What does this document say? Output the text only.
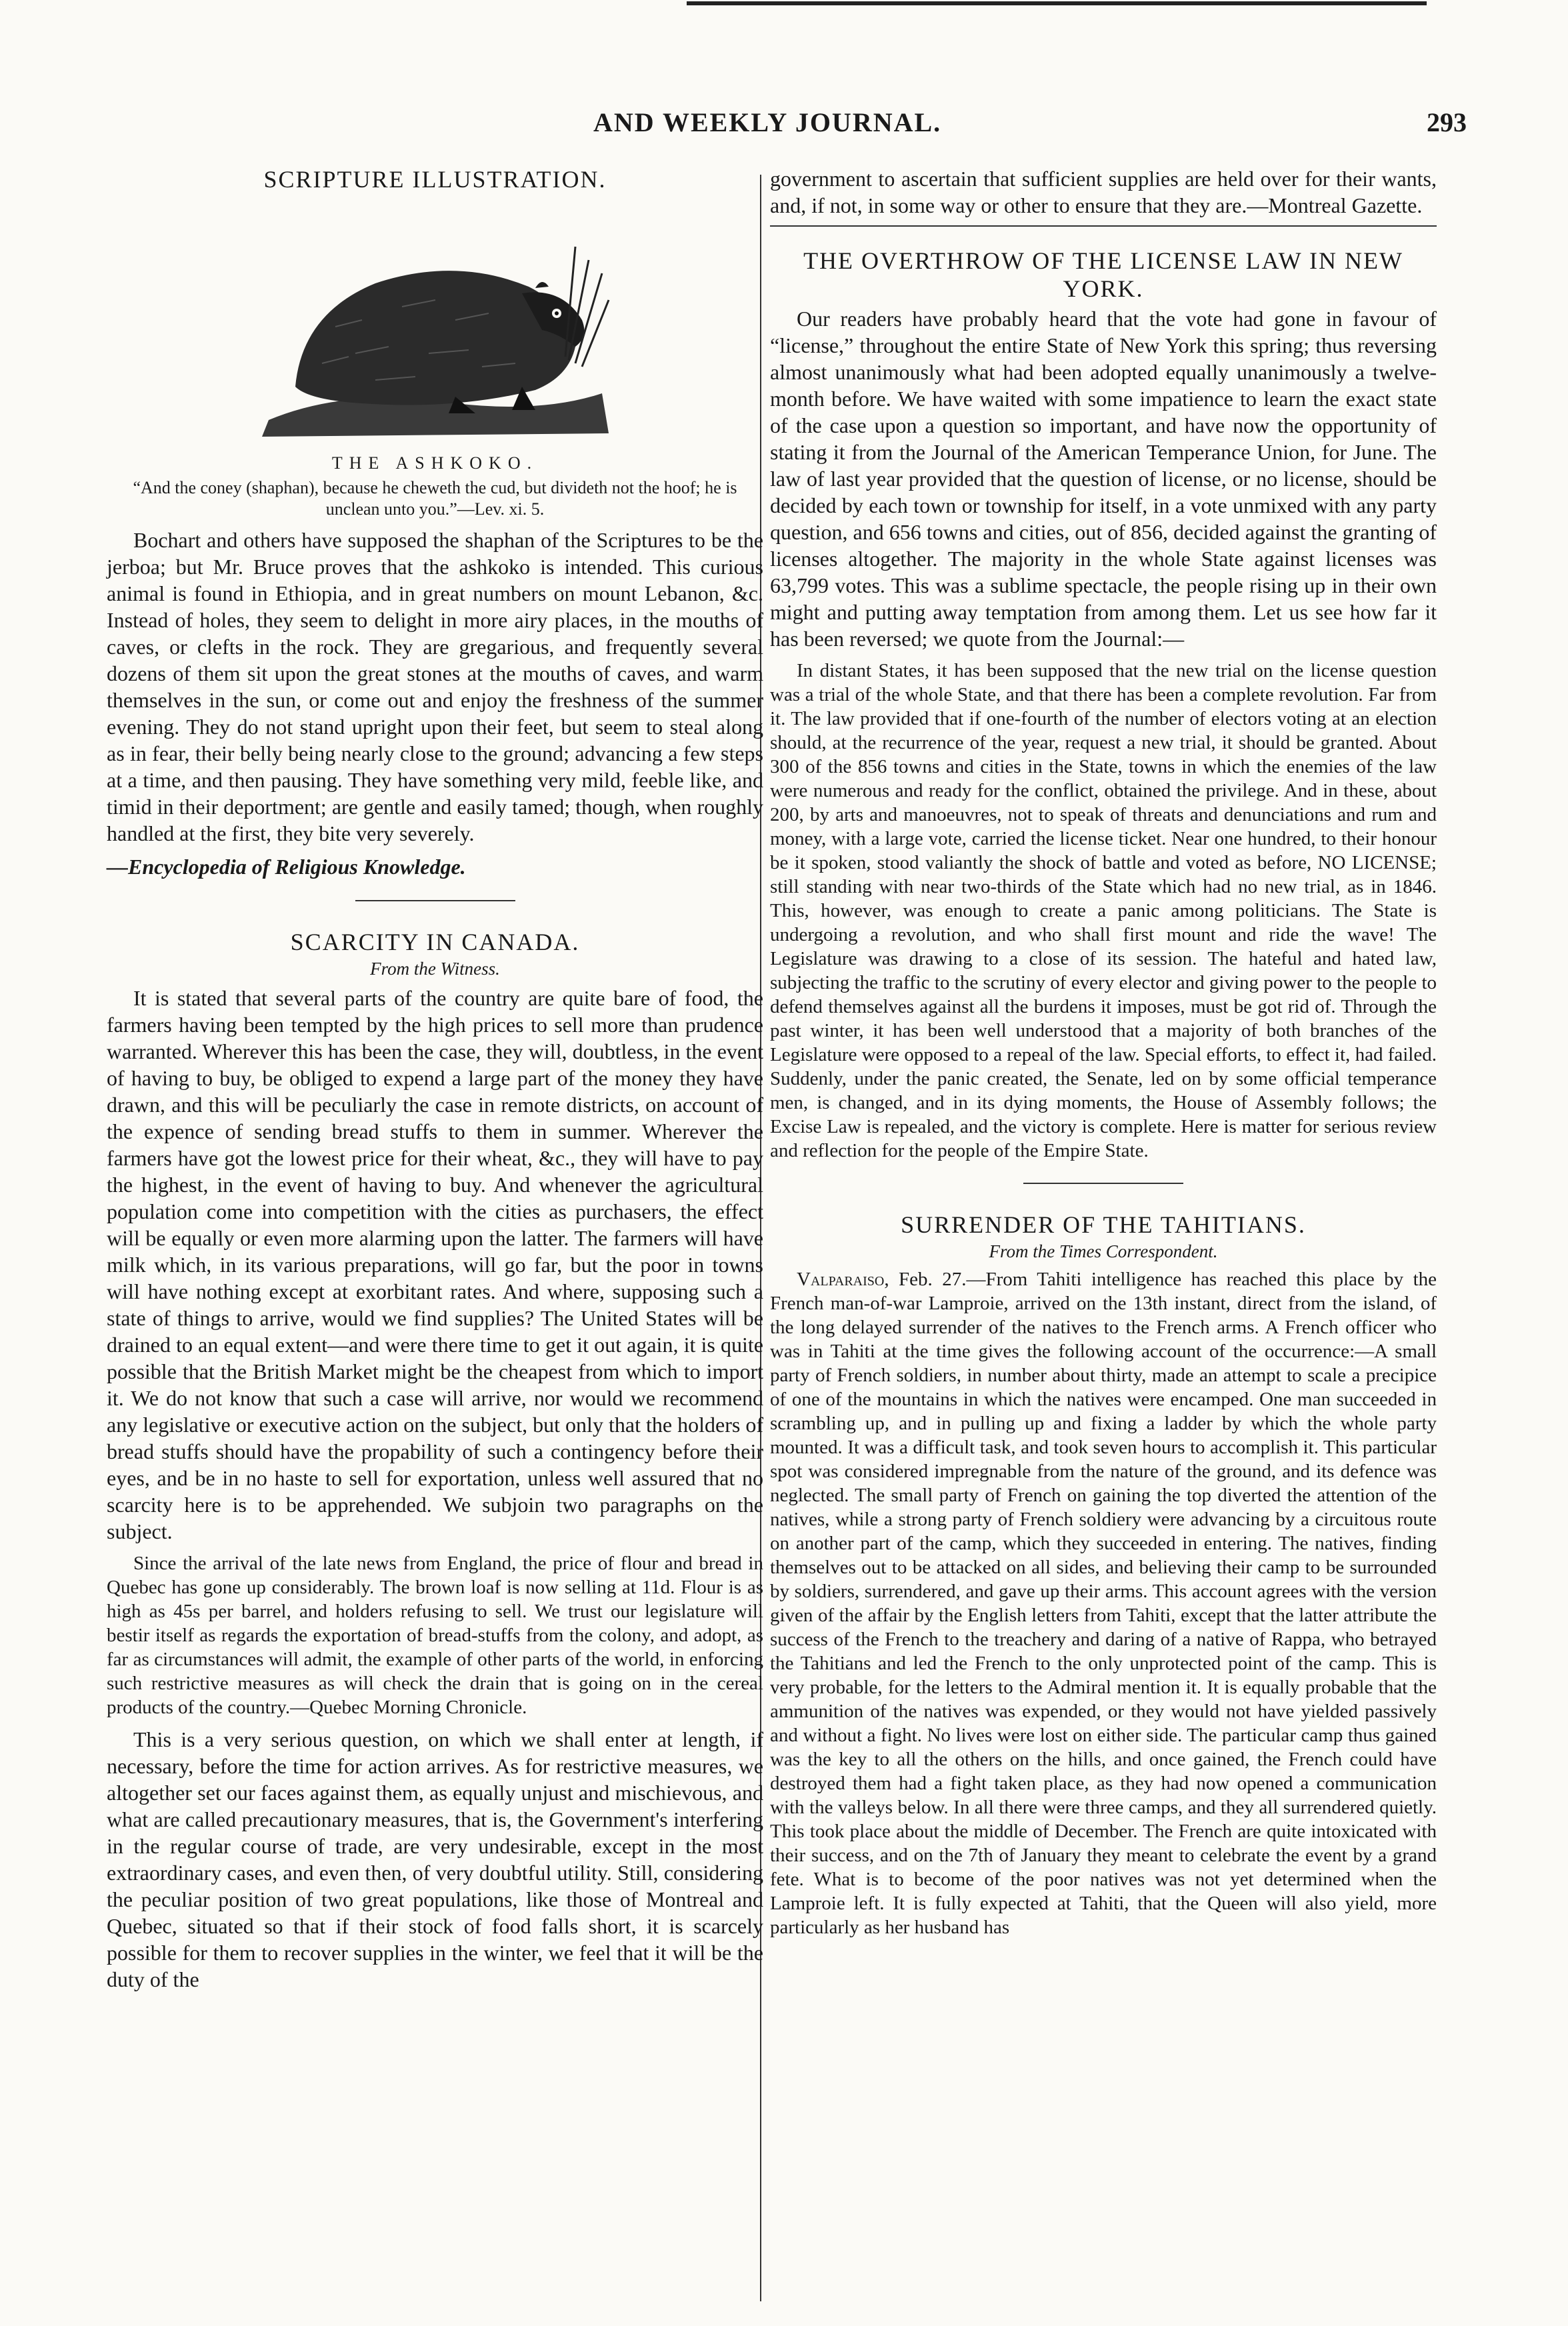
AND WEEKLY JOURNAL.	293
SCRIPTURE ILLUSTRATION.
THE ASHKOKO.
“And the coney (shaphan), because he cheweth the cud, but divideth not the hoof; he is unclean unto you.”—Lev. xi. 5.

Bochart and others have supposed the shaphan of the Scriptures to be the jerboa; but Mr. Bruce proves that the ashkoko is intended. This curious animal is found in Ethiopia, and in great numbers on mount Lebanon, &c. Instead of holes, they seem to delight in more airy places, in the mouths of caves, or clefts in the rock. They are gregarious, and frequently several dozens of them sit upon the great stones at the mouths of caves, and warm themselves in the sun, or come out and enjoy the freshness of the summer evening. They do not stand upright upon their feet, but seem to steal along as in fear, their belly being nearly close to the ground; advancing a few steps at a time, and then pausing. They have something very mild, feeble like, and timid in their deportment; are gentle and easily tamed; though, when roughly handled at the first, they bite very severely.

—Encyclopedia of Religious Knowledge.

SCARCITY IN CANADA.
From the Witness.

It is stated that several parts of the country are quite bare of food, the farmers having been tempted by the high prices to sell more than prudence warranted. Wherever this has been the case, they will, doubtless, in the event of having to buy, be obliged to expend a large part of the money they have drawn, and this will be peculiarly the case in remote districts, on account of the expence of sending bread stuffs to them in summer. Wherever the farmers have got the lowest price for their wheat, &c., they will have to pay the highest, in the event of having to buy. And whenever the agricultural population come into competition with the cities as purchasers, the effect will be equally or even more alarming upon the latter. The farmers will have milk which, in its various preparations, will go far, but the poor in towns will have nothing except at exorbitant rates. And where, supposing such a state of things to arrive, would we find supplies? The United States will be drained to an equal extent—and were there time to get it out again, it is quite possible that the British Market might be the cheapest from which to import it. We do not know that such a case will arrive, nor would we recommend any legislative or executive action on the subject, but only that the holders of bread stuffs should have the propability of such a contingency before their eyes, and be in no haste to sell for exportation, unless well assured that no scarcity here is to be apprehended. We subjoin two paragraphs on the subject.

Since the arrival of the late news from England, the price of flour and bread in Quebec has gone up considerably. The brown loaf is now selling at 11d. Flour is as high as 45s per barrel, and holders refusing to sell. We trust our legislature will bestir itself as regards the exportation of bread-stuffs from the colony, and adopt, as far as circumstances will admit, the example of other parts of the world, in enforcing such restrictive measures as will check the drain that is going on in the cereal products of the country.—Quebec Morning Chronicle.

This is a very serious question, on which we shall enter at length, if necessary, before the time for action arrives. As for restrictive measures, we altogether set our faces against them, as equally unjust and mischievous, and what are called precautionary measures, that is, the Government's interfering in the regular course of trade, are very undesirable, except in the most extraordinary cases, and even then, of very doubtful utility. Still, considering the peculiar position of two great populations, like those of Montreal and Quebec, situated so that if their stock of food falls short, it is scarcely possible for them to recover supplies in the winter, we feel that it will be the duty of the

government to ascertain that sufficient supplies are held over for their wants, and, if not, in some way or other to ensure that they are.—Montreal Gazette.

THE OVERTHROW OF THE LICENSE LAW IN NEW YORK.

Our readers have probably heard that the vote had gone in favour of “license,” throughout the entire State of New York this spring; thus reversing almost unanimously what had been adopted equally unanimously a twelve-month before. We have waited with some impatience to learn the exact state of the case upon a question so important, and have now the opportunity of stating it from the Journal of the American Temperance Union, for June. The law of last year provided that the question of license, or no license, should be decided by each town or township for itself, in a vote unmixed with any party question, and 656 towns and cities, out of 856, decided against the granting of licenses altogether. The majority in the whole State against licenses was 63,799 votes. This was a sublime spectacle, the people rising up in their own might and putting away temptation from among them. Let us see how far it has been reversed; we quote from the Journal:—

In distant States, it has been supposed that the new trial on the license question was a trial of the whole State, and that there has been a complete revolution. Far from it. The law provided that if one-fourth of the number of electors voting at an election should, at the recurrence of the year, request a new trial, it should be granted. About 300 of the 856 towns and cities in the State, towns in which the enemies of the law were numerous and ready for the conflict, obtained the privilege. And in these, about 200, by arts and manoeuvres, not to speak of threats and denunciations and rum and money, with a large vote, carried the license ticket. Near one hundred, to their honour be it spoken, stood valiantly the shock of battle and voted as before, NO LICENSE; still standing with near two-thirds of the State which had no new trial, as in 1846. This, however, was enough to create a panic among politicians. The State is undergoing a revolution, and who shall first mount and ride the wave! The Legislature was drawing to a close of its session. The hateful and hated law, subjecting the traffic to the scrutiny of every elector and giving power to the people to defend themselves against all the burdens it imposes, must be got rid of. Through the past winter, it has been well understood that a majority of both branches of the Legislature were opposed to a repeal of the law. Special efforts, to effect it, had failed. Suddenly, under the panic created, the Senate, led on by some official temperance men, is changed, and in its dying moments, the House of Assembly follows; the Excise Law is repealed, and the victory is complete. Here is matter for serious review and reflection for the people of the Empire State.

SURRENDER OF THE TAHITIANS.
From the Times Correspondent.

Valparaiso, Feb. 27.—From Tahiti intelligence has reached this place by the French man-of-war Lamproie, arrived on the 13th instant, direct from the island, of the long delayed surrender of the natives to the French arms. A French officer who was in Tahiti at the time gives the following account of the occurrence:—A small party of French soldiers, in number about thirty, made an attempt to scale a precipice of one of the mountains in which the natives were encamped. One man succeeded in scrambling up, and in pulling up and fixing a ladder by which the whole party mounted. It was a difficult task, and took seven hours to accomplish it. This particular spot was considered impregnable from the nature of the ground, and its defence was neglected. The small party of French on gaining the top diverted the attention of the natives, while a strong party of French soldiery were advancing by a circuitous route on another part of the camp, which they succeeded in entering. The natives, finding themselves out to be attacked on all sides, and believing their camp to be surrounded by soldiers, surrendered, and gave up their arms. This account agrees with the version given of the affair by the English letters from Tahiti, except that the latter attribute the success of the French to the treachery and daring of a native of Rappa, who betrayed the Tahitians and led the French to the only unprotected point of the camp. This is very probable, for the letters to the Admiral mention it. It is equally probable that the ammunition of the natives was expended, or they would not have yielded passively and without a fight. No lives were lost on either side. The particular camp thus gained was the key to all the others on the hills, and once gained, the French could have destroyed them had a fight taken place, as they had now opened a communication with the valleys below. In all there were three camps, and they all surrendered quietly. This took place about the middle of December. The French are quite intoxicated with their success, and on the 7th of January they meant to celebrate the event by a grand fete. What is to become of the poor natives was not yet determined when the Lamproie left. It is fully expected at Tahiti, that the Queen will also yield, more particularly as her husband has
